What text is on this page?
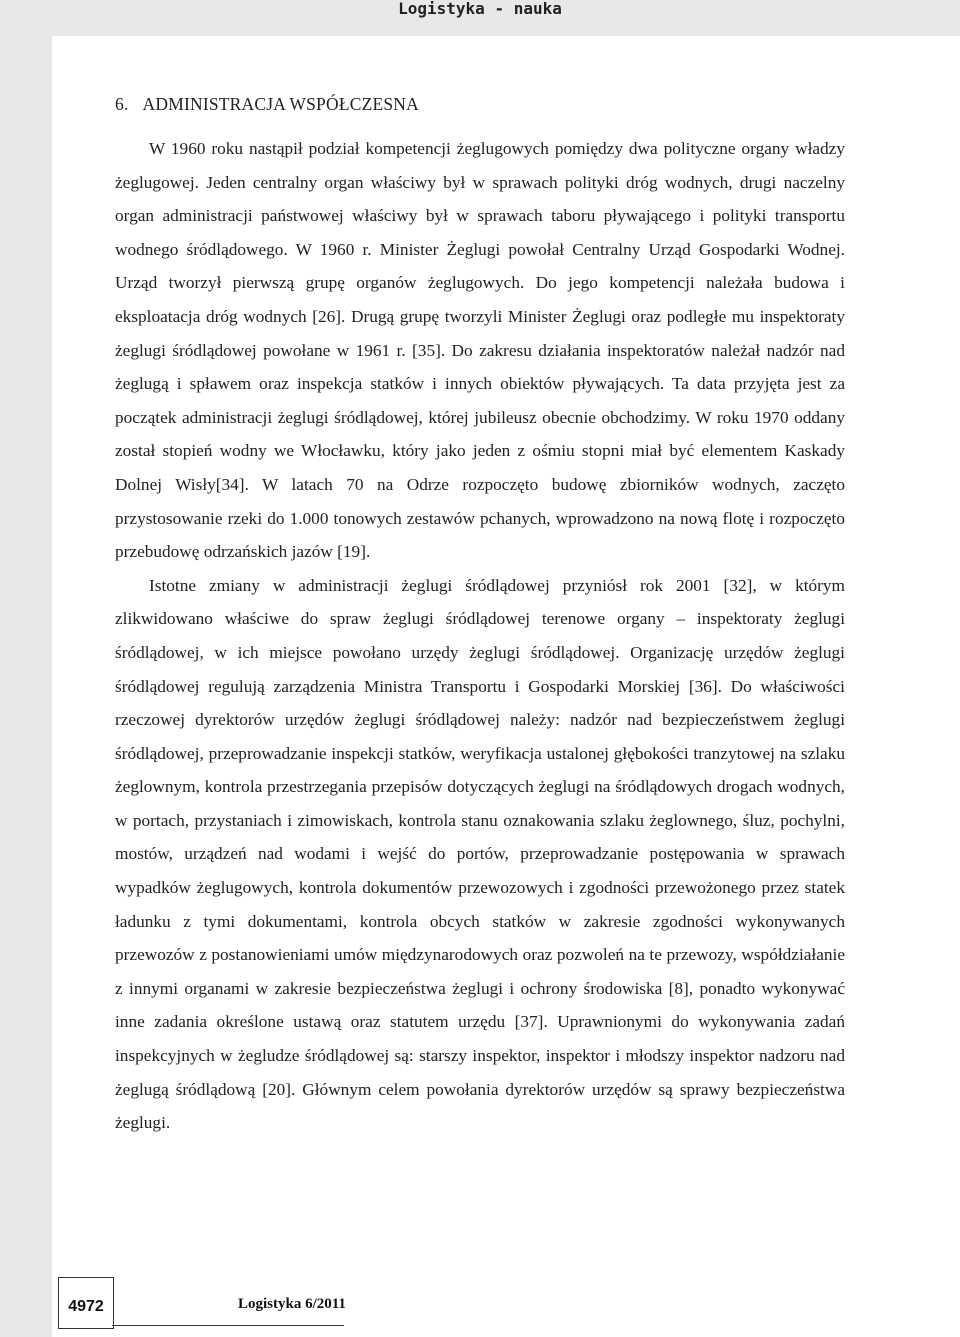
Logistyka - nauka
6. ADMINISTRACJA WSPÓŁCZESNA

W 1960 roku nastąpił podział kompetencji żeglugowych pomiędzy dwa polityczne organy władzy żeglugowej. Jeden centralny organ właściwy był w sprawach polityki dróg wodnych, drugi naczelny organ administracji państwowej właściwy był w sprawach taboru pływającego i polityki transportu wodnego śródlądowego. W 1960 r. Minister Żeglugi powołał Centralny Urząd Gospodarki Wodnej. Urząd tworzył pierwszą grupę organów żeglugowych. Do jego kompetencji należała budowa i eksploatacja dróg wodnych [26]. Drugą grupę tworzyli Minister Żeglugi oraz podległe mu inspektoraty żeglugi śródlądowej powołane w 1961 r. [35]. Do zakresu działania inspektoratów należał nadzór nad żeglugą i spławem oraz inspekcja statków i innych obiektów pływających. Ta data przyjęta jest za początek administracji żeglugi śródlądowej, której jubileusz obecnie obchodzimy. W roku 1970 oddany został stopień wodny we Włocławku, który jako jeden z ośmiu stopni miał być elementem Kaskady Dolnej Wisły[34]. W latach 70 na Odrze rozpoczęto budowę zbiorników wodnych, zaczęto przystosowanie rzeki do 1.000 tonowych zestawów pchanych, wprowadzono na nową flotę i rozpoczęto przebudowę odrzańskich jazów [19].

Istotne zmiany w administracji żeglugi śródlądowej przyniósł rok 2001 [32], w którym zlikwidowano właściwe do spraw żeglugi śródlądowej terenowe organy – inspektoraty żeglugi śródlądowej, w ich miejsce powołano urzędy żeglugi śródlądowej. Organizację urzędów żeglugi śródlądowej regulują zarządzenia Ministra Transportu i Gospodarki Morskiej [36]. Do właściwości rzeczowej dyrektorów urzędów żeglugi śródlądowej należy: nadzór nad bezpieczeństwem żeglugi śródlądowej, przeprowadzanie inspekcji statków, weryfikacja ustalonej głębokości tranzytowej na szlaku żeglownym, kontrola przestrzegania przepisów dotyczących żeglugi na śródlądowych drogach wodnych, w portach, przystaniach i zimowiskach, kontrola stanu oznakowania szlaku żeglownego, śluz, pochylni, mostów, urządzeń nad wodami i wejść do portów, przeprowadzanie postępowania w sprawach wypadków żeglugowych, kontrola dokumentów przewozowych i zgodności przewożonego przez statek ładunku z tymi dokumentami, kontrola obcych statków w zakresie zgodności wykonywanych przewozów z postanowieniami umów międzynarodowych oraz pozwoleń na te przewozy, współdziałanie z innymi organami w zakresie bezpieczeństwa żeglugi i ochrony środowiska [8], ponadto wykonywać inne zadania określone ustawą oraz statutem urzędu [37]. Uprawnionymi do wykonywania zadań inspekcyjnych w żegludze śródlądowej są: starszy inspektor, inspektor i młodszy inspektor nadzoru nad żeglugą śródlądową [20]. Głównym celem powołania dyrektorów urzędów są sprawy bezpieczeństwa żeglugi.

4972	Logistyka 6/2011
